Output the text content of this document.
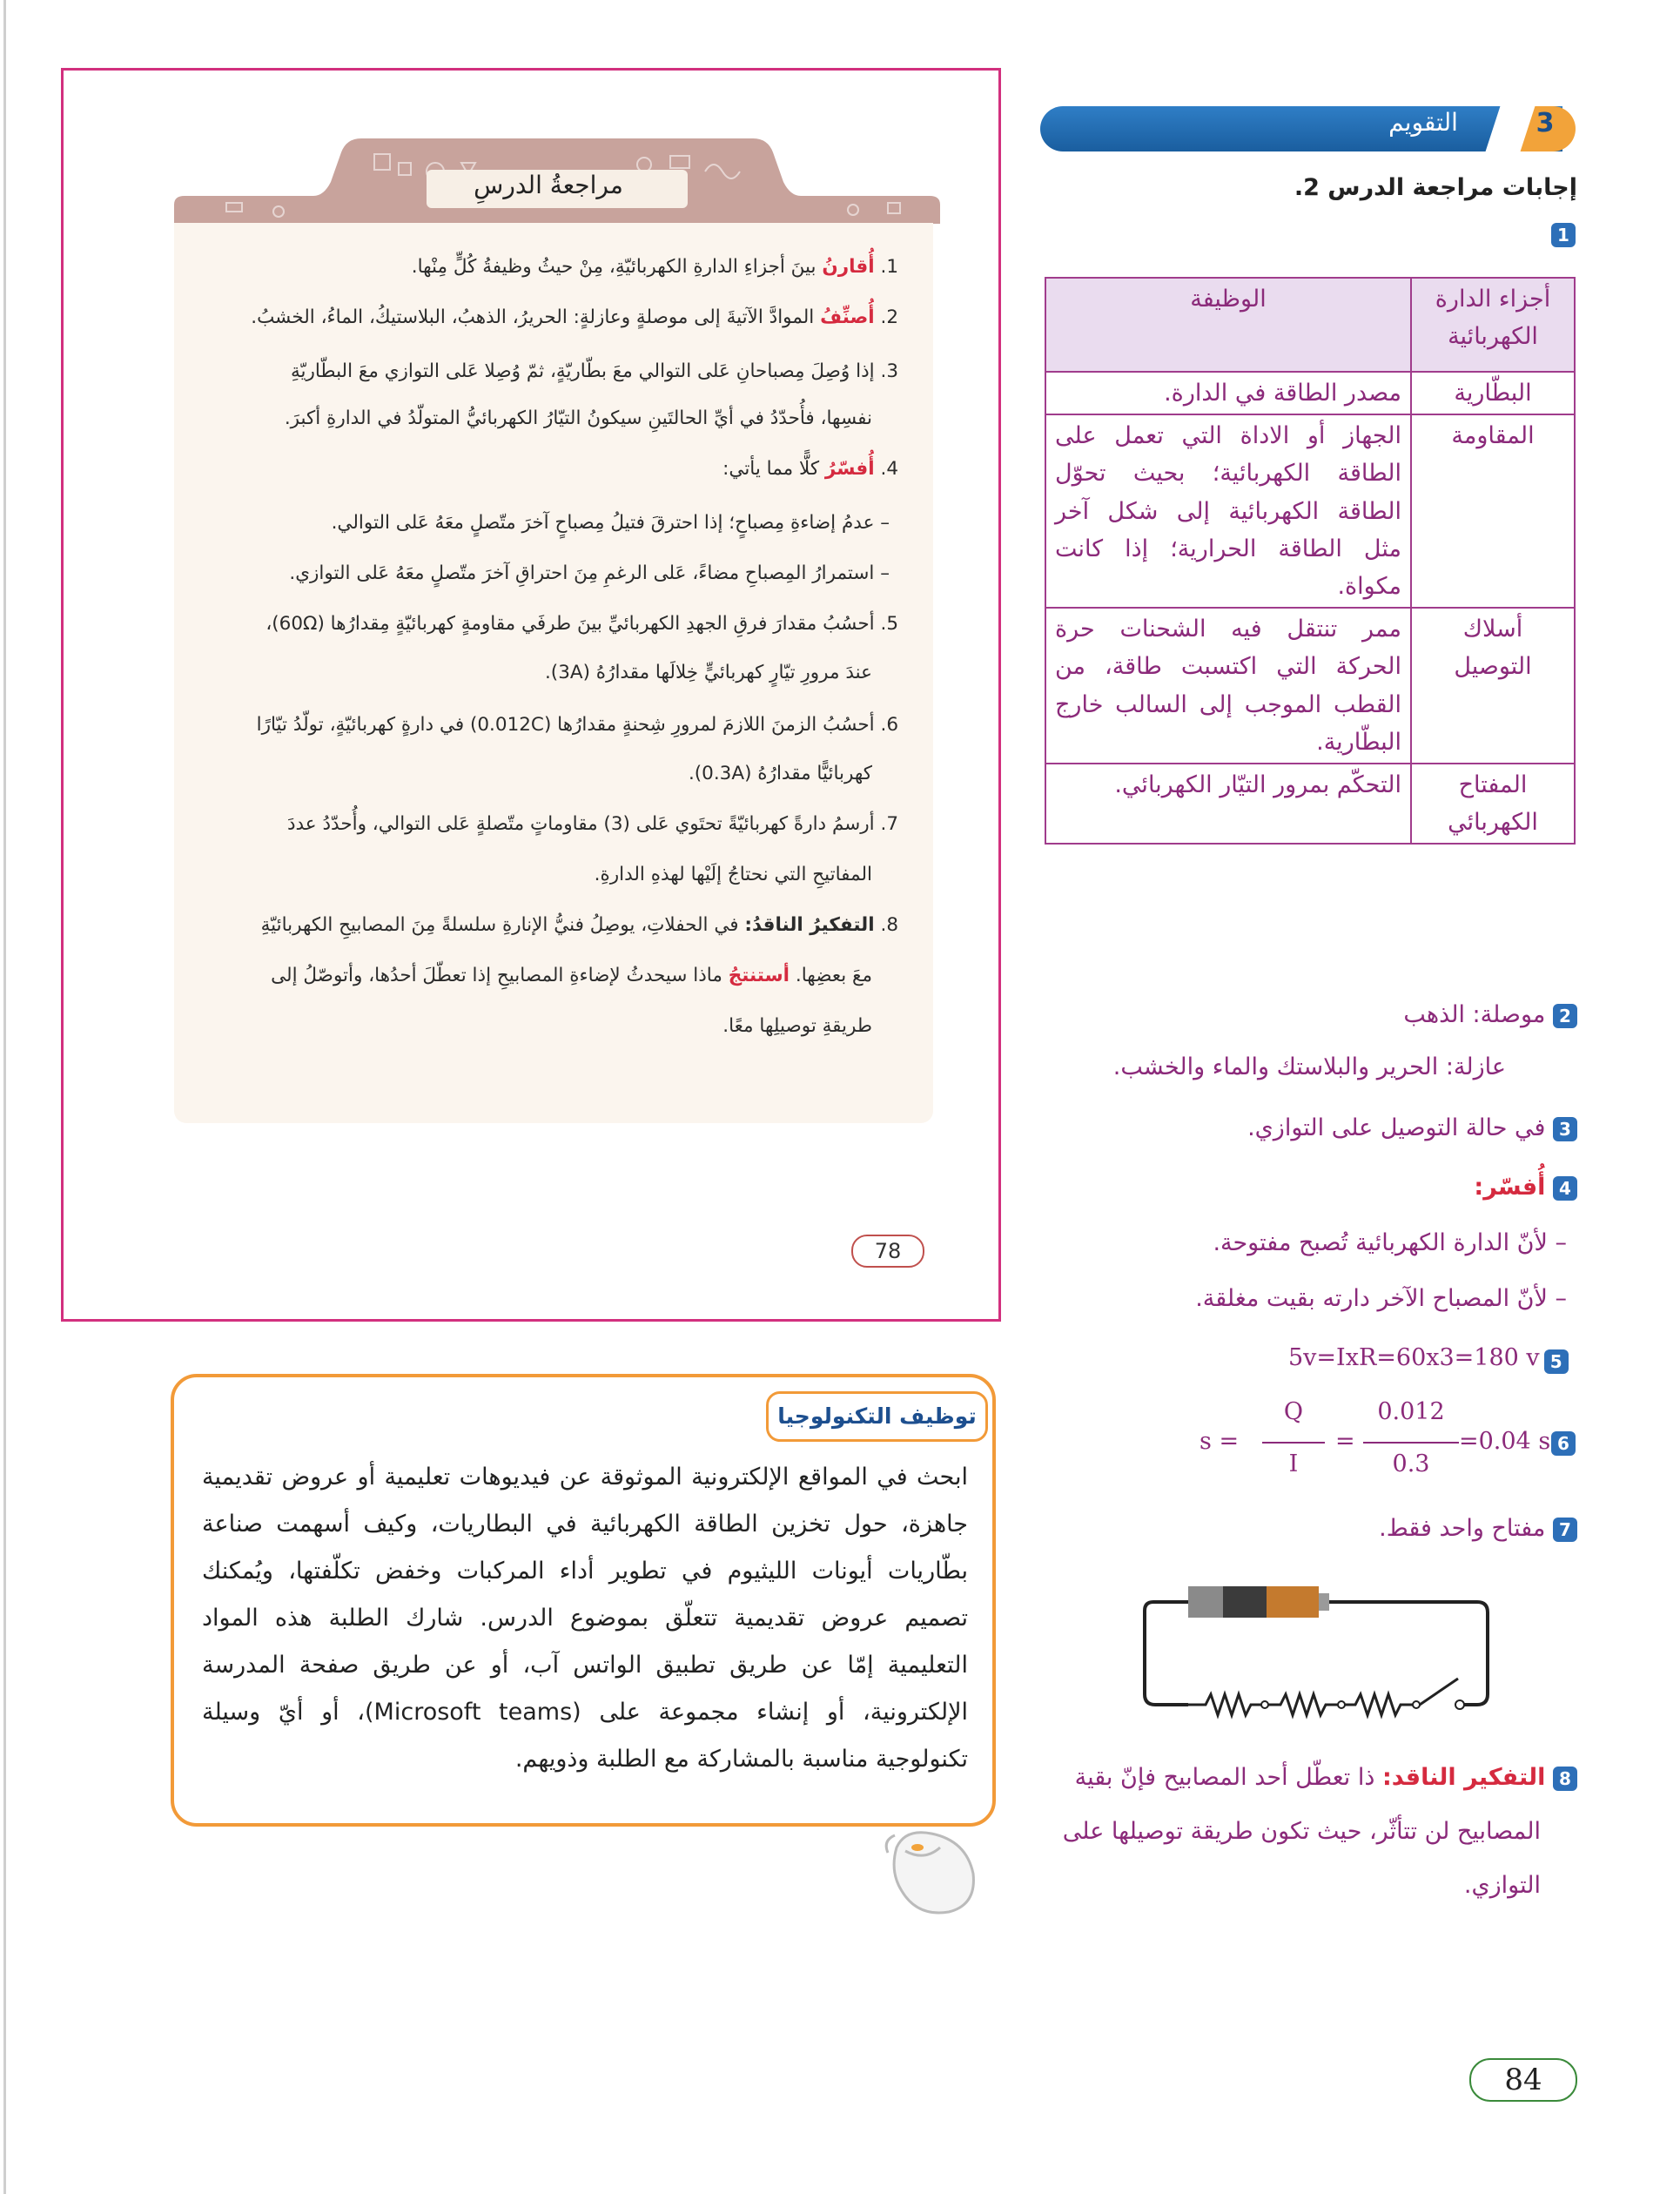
مراجعةُ الدرسِ
1. أُقارنُ بينَ أجزاءِ الدارةِ الكهربائيّةِ، مِنْ حيثُ وظيفةُ كُلٍّ مِنْها.
2. أُصنِّفُ الموادَّ الآتيةَ إلى موصلةٍ وعازلةٍ: الحريرُ، الذهبُ، البلاستيكُ، الماءُ، الخشبُ.
3. إذا وُصِلَ مِصباحانِ عَلى التوالي معَ بطّاريّةٍ، ثمّ وُصِلا عَلى التوازي معَ البطّاريّةِ
نفسِها، فأُحدّدُ في أيِّ الحالتَينِ سيكونُ التيّارُ الكهربائيُّ المتولّدُ في الدارةِ أكبرَ.
4. أُفسّرُ كلًّا مما يأتي:
– عدمُ إضاءةِ مِصباحٍ؛ إذا احترقَ فتيلُ مِصباحٍ آخرَ متّصلٍ معَهُ عَلى التوالي.
– استمرارُ المِصباحِ مضاءً، عَلى الرغمِ مِنَ احتراقِ آخرَ متّصلٍ معَهُ عَلى التوازي.
5. أحسُبُ مقدارَ فرقِ الجهدِ الكهربائيِّ بينَ طرفَي مقاومةٍ كهربائيّةٍ مِقدارُها (60Ω)،
عندَ مرورِ تيّارٍ كهربائيٍّ خِلالَها مقدارُهُ (3A).
6. أحسُبُ الزمنَ اللازمَ لمرورِ شِحنةٍ مقدارُها (0.012C) في دارةٍ كهربائيّةٍ، تولّدُ تيّارًا
كهربائيًّا مقدارُهُ (0.3A).
7. أرسمُ دارةً كهربائيّةً تحتَوي عَلى (3) مقاوماتٍ متّصلةٍ عَلى التوالي، وأُحدّدُ عددَ
المفاتيحِ التي نحتاجُ إلَيْها لهذهِ الدارةِ.
8. التفكيرُ الناقدُ: في الحفلاتِ، يوصِلُ فنيُّ الإنارةِ سلسلةً مِنَ المصابيحِ الكهربائيّةِ
معَ بعضِها. أستنتجُ ماذا سيحدثُ لإضاءةِ المصابيحِ إذا تعطّلَ أحدُها، وأتوصّلُ إلى
طريقةِ توصيلِها معًا.
78
التقويم	3
إجابات مراجعة الدرس 2.
1
أجزاء الدارة الكهربائية	الوظيفة
البطّارية	مصدر الطاقة في الدارة.
المقاومة	الجهاز أو الاداة التي تعمل على الطاقة الكهربائية؛ بحيث تحوّل الطاقة الكهربائية إلى شكل آخر مثل الطاقة الحرارية؛ إذا كانت مكواة.
أسلاك التوصيل	ممر تنتقل فيه الشحنات حرة الحركة التي اكتسبت طاقة، من القطب الموجب إلى السالب خارج البطّارية.
المفتاح الكهربائي	التحكّم بمرور التيّار الكهربائي.
2 موصلة: الذهب
عازلة: الحرير والبلاستك والماء والخشب.
3 في حالة التوصيل على التوازي.
4 أُفسّر:
– لأنّ الدارة الكهربائية تُصبح مفتوحة.
– لأنّ المصباح الآخر دارته بقيت مغلقة.
5v=IxR=60x3=180 v 5
s =
Q
I
=
0.012
0.3
=0.04 s 6
7 مفتاح واحد فقط.
8 التفكير الناقد: ذا تعطّل أحد المصابيح فإنّ بقية
المصابيح لن تتأثّر، حيث تكون طريقة توصيلها على
التوازي.
84
توظيف التكنولوجيا
ابحث في المواقع الإلكترونية الموثوقة عن فيديوهات تعليمية أو عروض تقديمية جاهزة، حول تخزين الطاقة الكهربائية في البطاريات، وكيف أسهمت صناعة بطّاريات أيونات الليثيوم في تطوير أداء المركبات وخفض تكلّفتها، ويُمكنك تصميم عروض تقديمية تتعلّق بموضوع الدرس. شارك الطلبة هذه المواد التعليمية إمّا عن طريق تطبيق الواتس آب، أو عن طريق صفحة المدرسة الإلكترونية، أو إنشاء مجموعة على (Microsoft teams)، أو أيّ وسيلة تكنولوجية مناسبة بالمشاركة مع الطلبة وذويهم.
